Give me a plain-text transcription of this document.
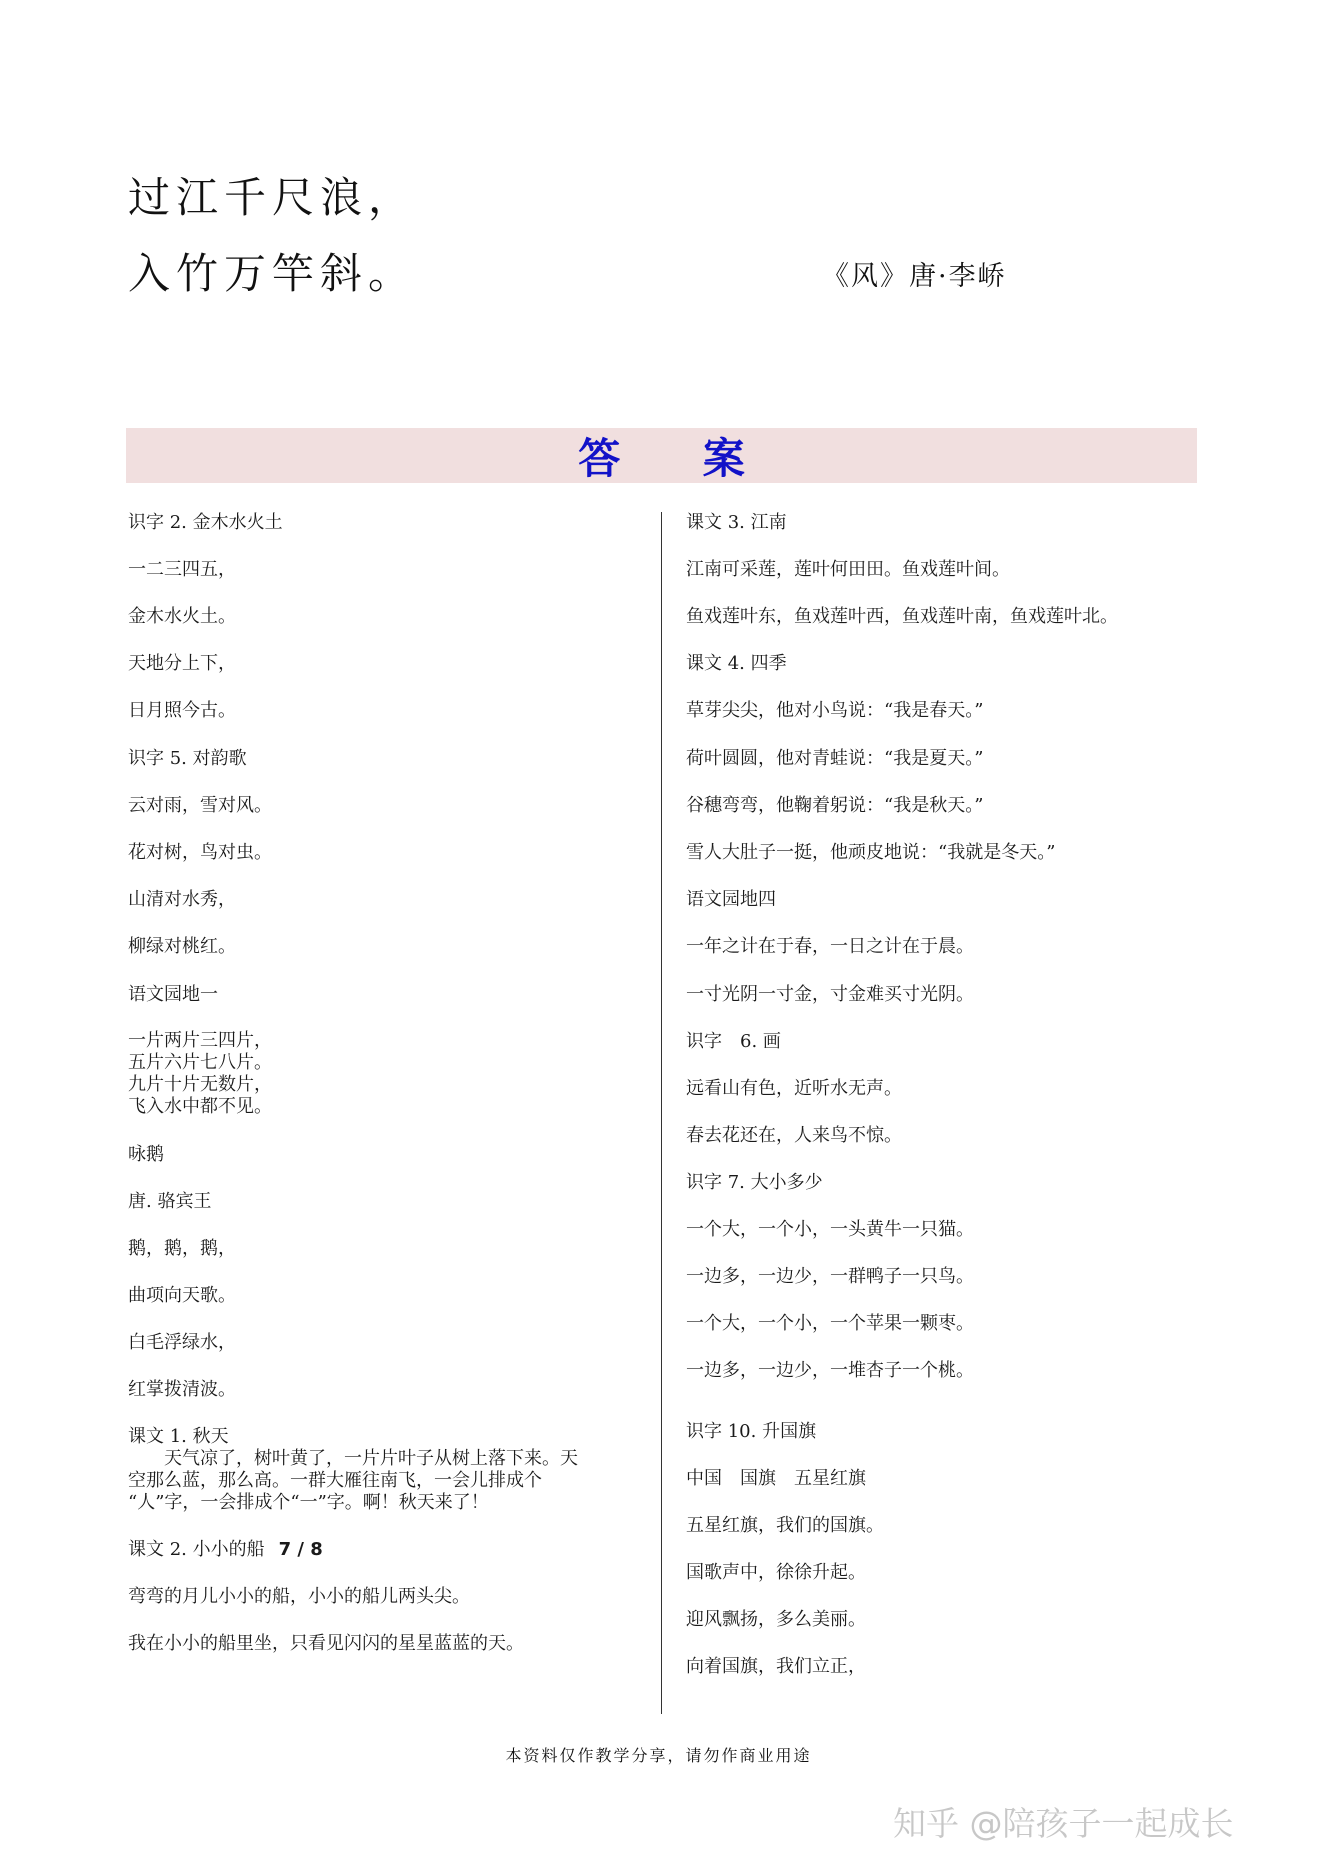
过江千尺浪，
入竹万竿斜。	《风》唐·李峤
答 案
识字 2. 金木水火土
一二三四五，
金木水火土。
天地分上下，
日月照今古。
识字 5. 对韵歌
云对雨，雪对风。
花对树，鸟对虫。
山清对水秀，
柳绿对桃红。
语文园地一
一片两片三四片，
五片六片七八片。
九片十片无数片，
飞入水中都不见。
咏鹅
唐. 骆宾王
鹅，鹅，鹅，
曲项向天歌。
白毛浮绿水，
红掌拨清波。
课文 1. 秋天
　　天气凉了，树叶黄了，一片片叶子从树上落下来。天
空那么蓝，那么高。一群大雁往南飞，一会儿排成个
“人”字，一会排成个“一”字。啊！秋天来了！
课文 2. 小小的船 7 / 8
弯弯的月儿小小的船，小小的船儿两头尖。
我在小小的船里坐，只看见闪闪的星星蓝蓝的天。
课文 3. 江南
江南可采莲，莲叶何田田。鱼戏莲叶间。
鱼戏莲叶东，鱼戏莲叶西，鱼戏莲叶南，鱼戏莲叶北。
课文 4. 四季
草芽尖尖，他对小鸟说：“我是春天。”
荷叶圆圆，他对青蛙说：“我是夏天。”
谷穗弯弯，他鞠着躬说：“我是秋天。”
雪人大肚子一挺，他顽皮地说：“我就是冬天。”
语文园地四
一年之计在于春，一日之计在于晨。
一寸光阴一寸金，寸金难买寸光阴。
识字　6. 画
远看山有色，近听水无声。
春去花还在，人来鸟不惊。
识字 7. 大小多少
一个大，一个小，一头黄牛一只猫。
一边多，一边少，一群鸭子一只鸟。
一个大，一个小，一个苹果一颗枣。
一边多，一边少，一堆杏子一个桃。
识字 10. 升国旗
中国　国旗　五星红旗
五星红旗，我们的国旗。
国歌声中，徐徐升起。
迎风飘扬，多么美丽。
向着国旗，我们立正，
本资料仅作教学分享，请勿作商业用途
知乎 @陪孩子一起成长
